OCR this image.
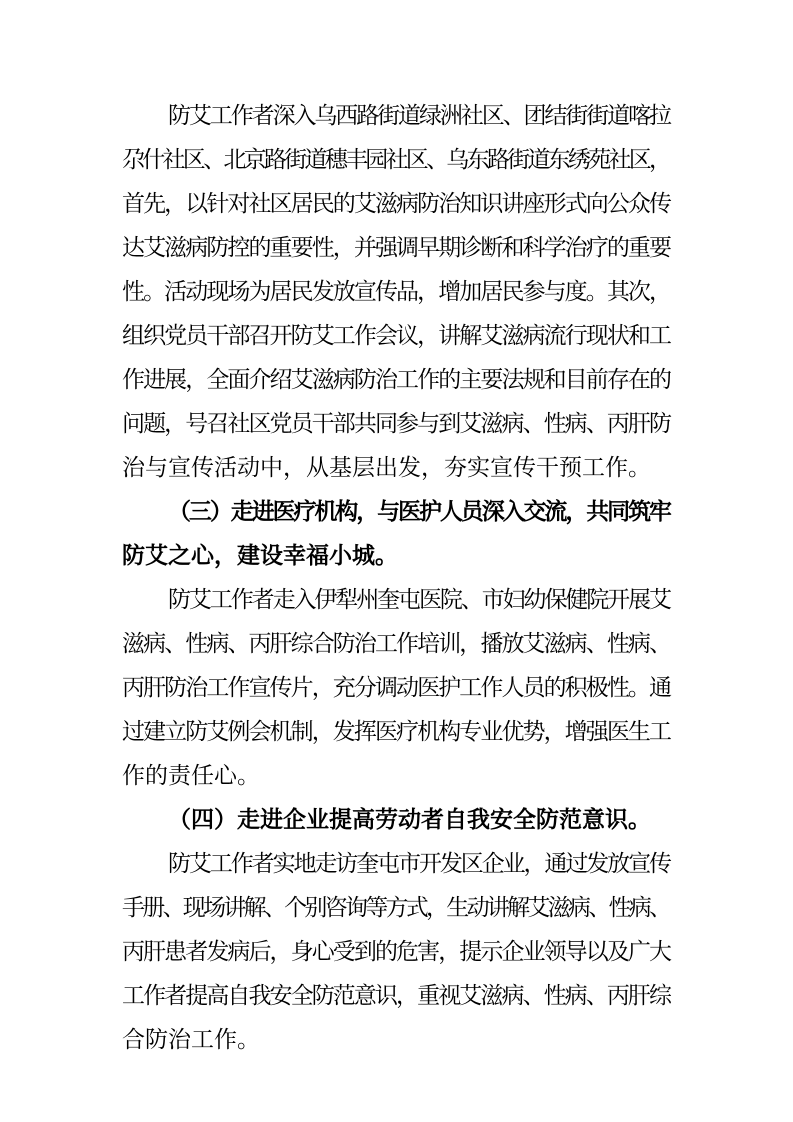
防艾工作者深入乌西路街道绿洲社区、团结街街道喀拉
尕什社区、北京路街道穗丰园社区、乌东路街道东绣苑社区，
首先，以针对社区居民的艾滋病防治知识讲座形式向公众传
达艾滋病防控的重要性，并强调早期诊断和科学治疗的重要
性。活动现场为居民发放宣传品，增加居民参与度。其次，
组织党员干部召开防艾工作会议，讲解艾滋病流行现状和工
作进展，全面介绍艾滋病防治工作的主要法规和目前存在的
问题，号召社区党员干部共同参与到艾滋病、性病、丙肝防
治与宣传活动中，从基层出发，夯实宣传干预工作。
（三）走进医疗机构，与医护人员深入交流，共同筑牢
防艾之心，建设幸福小城。
防艾工作者走入伊犁州奎屯医院、市妇幼保健院开展艾
滋病、性病、丙肝综合防治工作培训，播放艾滋病、性病、
丙肝防治工作宣传片，充分调动医护工作人员的积极性。通
过建立防艾例会机制，发挥医疗机构专业优势，增强医生工
作的责任心。
（四）走进企业提高劳动者自我安全防范意识。
防艾工作者实地走访奎屯市开发区企业，通过发放宣传
手册、现场讲解、个别咨询等方式，生动讲解艾滋病、性病、
丙肝患者发病后，身心受到的危害，提示企业领导以及广大
工作者提高自我安全防范意识，重视艾滋病、性病、丙肝综
合防治工作。
